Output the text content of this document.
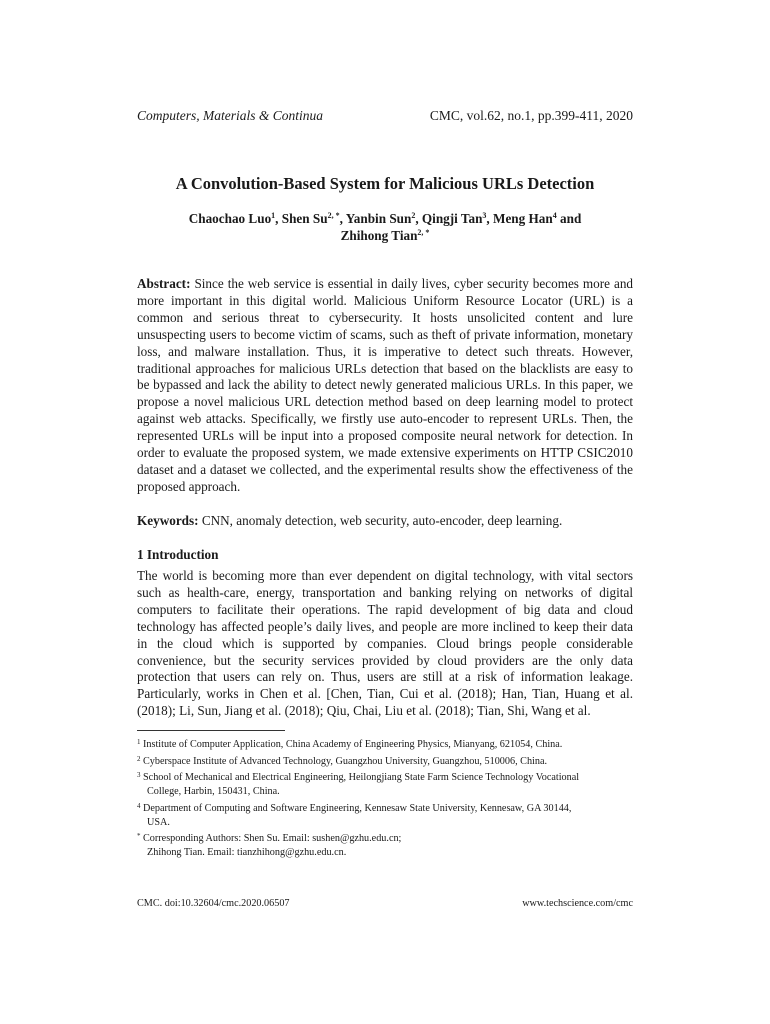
Computers, Materials & Continua	CMC, vol.62, no.1, pp.399-411, 2020
A Convolution-Based System for Malicious URLs Detection

Chaochao Luo$^1$, Shen $Su^{2, *}$, Yanbin Sun$^2$, Qingji Tan$^3$, Meng Han$^4$ and
Zhihong Tian$^{2, *}$

Abstract: Since the web service is essential in daily lives, cyber security becomes more and more important in this digital world. Malicious Uniform Resource Locator (URL) is a common and serious threat to cybersecurity. It hosts unsolicited content and lure unsuspecting users to become victim of scams, such as theft of private information, monetary loss, and malware installation. Thus, it is imperative to detect such threats. However, traditional approaches for malicious URLs detection that based on the blacklists are easy to be bypassed and lack the ability to detect newly generated malicious URLs. In this paper, we propose a novel malicious URL detection method based on deep learning model to protect against web attacks. Specifically, we firstly use auto-encoder to represent URLs. Then, the represented URLs will be input into a proposed composite neural network for detection. In order to evaluate the proposed system, we made extensive experiments on HTTP CSIC2010 dataset and a dataset we collected, and the experimental results show the effectiveness of the proposed approach.

Keywords: CNN, anomaly detection, web security, auto-encoder, deep learning.

1 Introduction

The world is becoming more than ever dependent on digital technology, with vital sectors such as health-care, energy, transportation and banking relying on networks of digital computers to facilitate their operations. The rapid development of big data and cloud technology has affected people’s daily lives, and people are more inclined to keep their data in the cloud which is supported by companies. Cloud brings people considerable convenience, but the security services provided by cloud providers are the only data protection that users can rely on. Thus, users are still at a risk of information leakage. Particularly, works in Chen et al. [Chen, Tian, Cui et al. (2018); Han, Tian, Huang et al. (2018); Li, Sun, Jiang et al. (2018); Qiu, Chai, Liu et al. (2018); Tian, Shi, Wang et al.

1 Institute of Computer Application, China Academy of Engineering Physics, Mianyang, 621054, China.

2 Cyberspace Institute of Advanced Technology, Guangzhou University, Guangzhou, 510006, China.

3 School of Mechanical and Electrical Engineering, Heilongjiang State Farm Science Technology Vocational
College, Harbin, 150431, China.

4 Department of Computing and Software Engineering, Kennesaw State University, Kennesaw, GA 30144,
USA.

* Corresponding Authors: Shen Su. Email: sushen@gzhu.edu.cn;
Zhihong Tian. Email: tianzhihong@gzhu.edu.cn.

CMC. doi:10.32604/cmc.2020.06507	www.techscience.com/cmc
